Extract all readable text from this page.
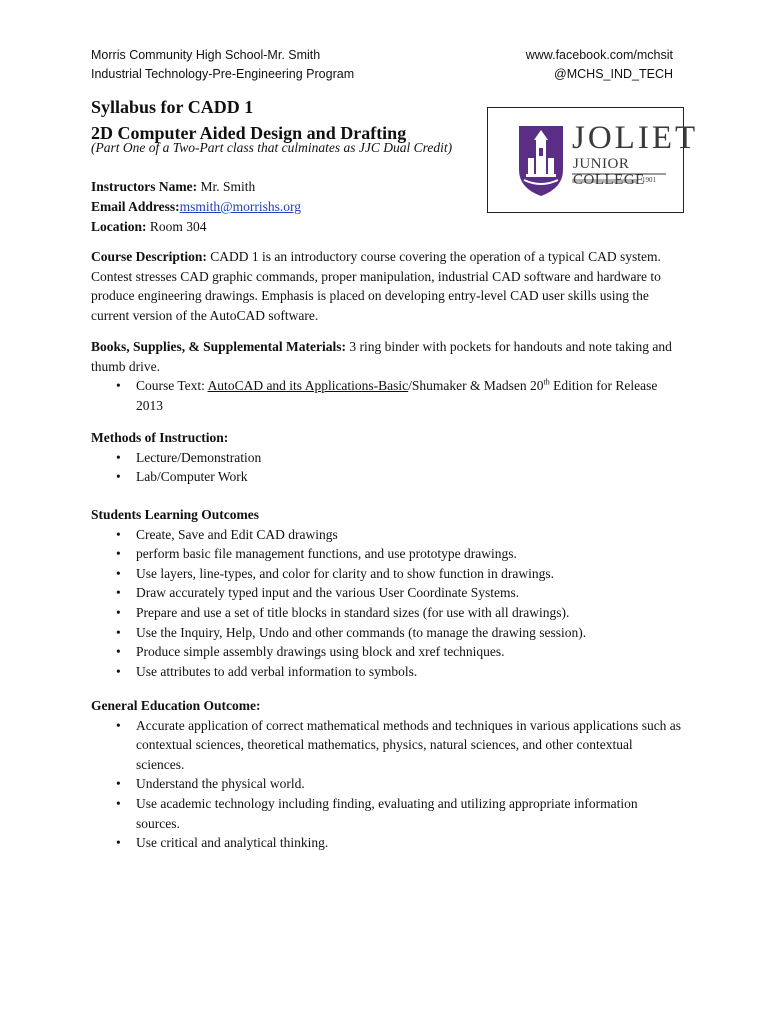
Morris Community High School-Mr. Smith
Industrial Technology-Pre-Engineering Program
www.facebook.com/mchsit
@MCHS_IND_TECH
Syllabus for CADD 1
2D Computer Aided Design and Drafting
(Part One of a Two-Part class that culminates as JJC Dual Credit)	JOLIET
JUNIOR COLLEGE
1901
Instructors Name: Mr. Smith
Email Address:msmith@morrishs.org
Location: Room 304
Course Description: CADD 1 is an introductory course covering the operation of a typical CAD system. Contest stresses CAD graphic commands, proper manipulation, industrial CAD software and hardware to produce engineering drawings. Emphasis is placed on developing entry-level CAD user skills using the current version of the AutoCAD software.
Books, Supplies, & Supplemental Materials: 3 ring binder with pockets for handouts and note taking and thumb drive.
• Course Text: AutoCAD and its Applications-Basic/Shumaker & Madsen 20th Edition for Release 2013
Methods of Instruction:
• Lecture/Demonstration
• Lab/Computer Work
Students Learning Outcomes
• Create, Save and Edit CAD drawings
• perform basic file management functions, and use prototype drawings.
• Use layers, line-types, and color for clarity and to show function in drawings.
• Draw accurately typed input and the various User Coordinate Systems.
• Prepare and use a set of title blocks in standard sizes (for use with all drawings).
• Use the Inquiry, Help, Undo and other commands (to manage the drawing session).
• Produce simple assembly drawings using block and xref techniques.
• Use attributes to add verbal information to symbols.
General Education Outcome:
• Accurate application of correct mathematical methods and techniques in various applications such as contextual sciences, theoretical mathematics, physics, natural sciences, and other contextual sciences.
• Understand the physical world.
• Use academic technology including finding, evaluating and utilizing appropriate information sources.
• Use critical and analytical thinking.
